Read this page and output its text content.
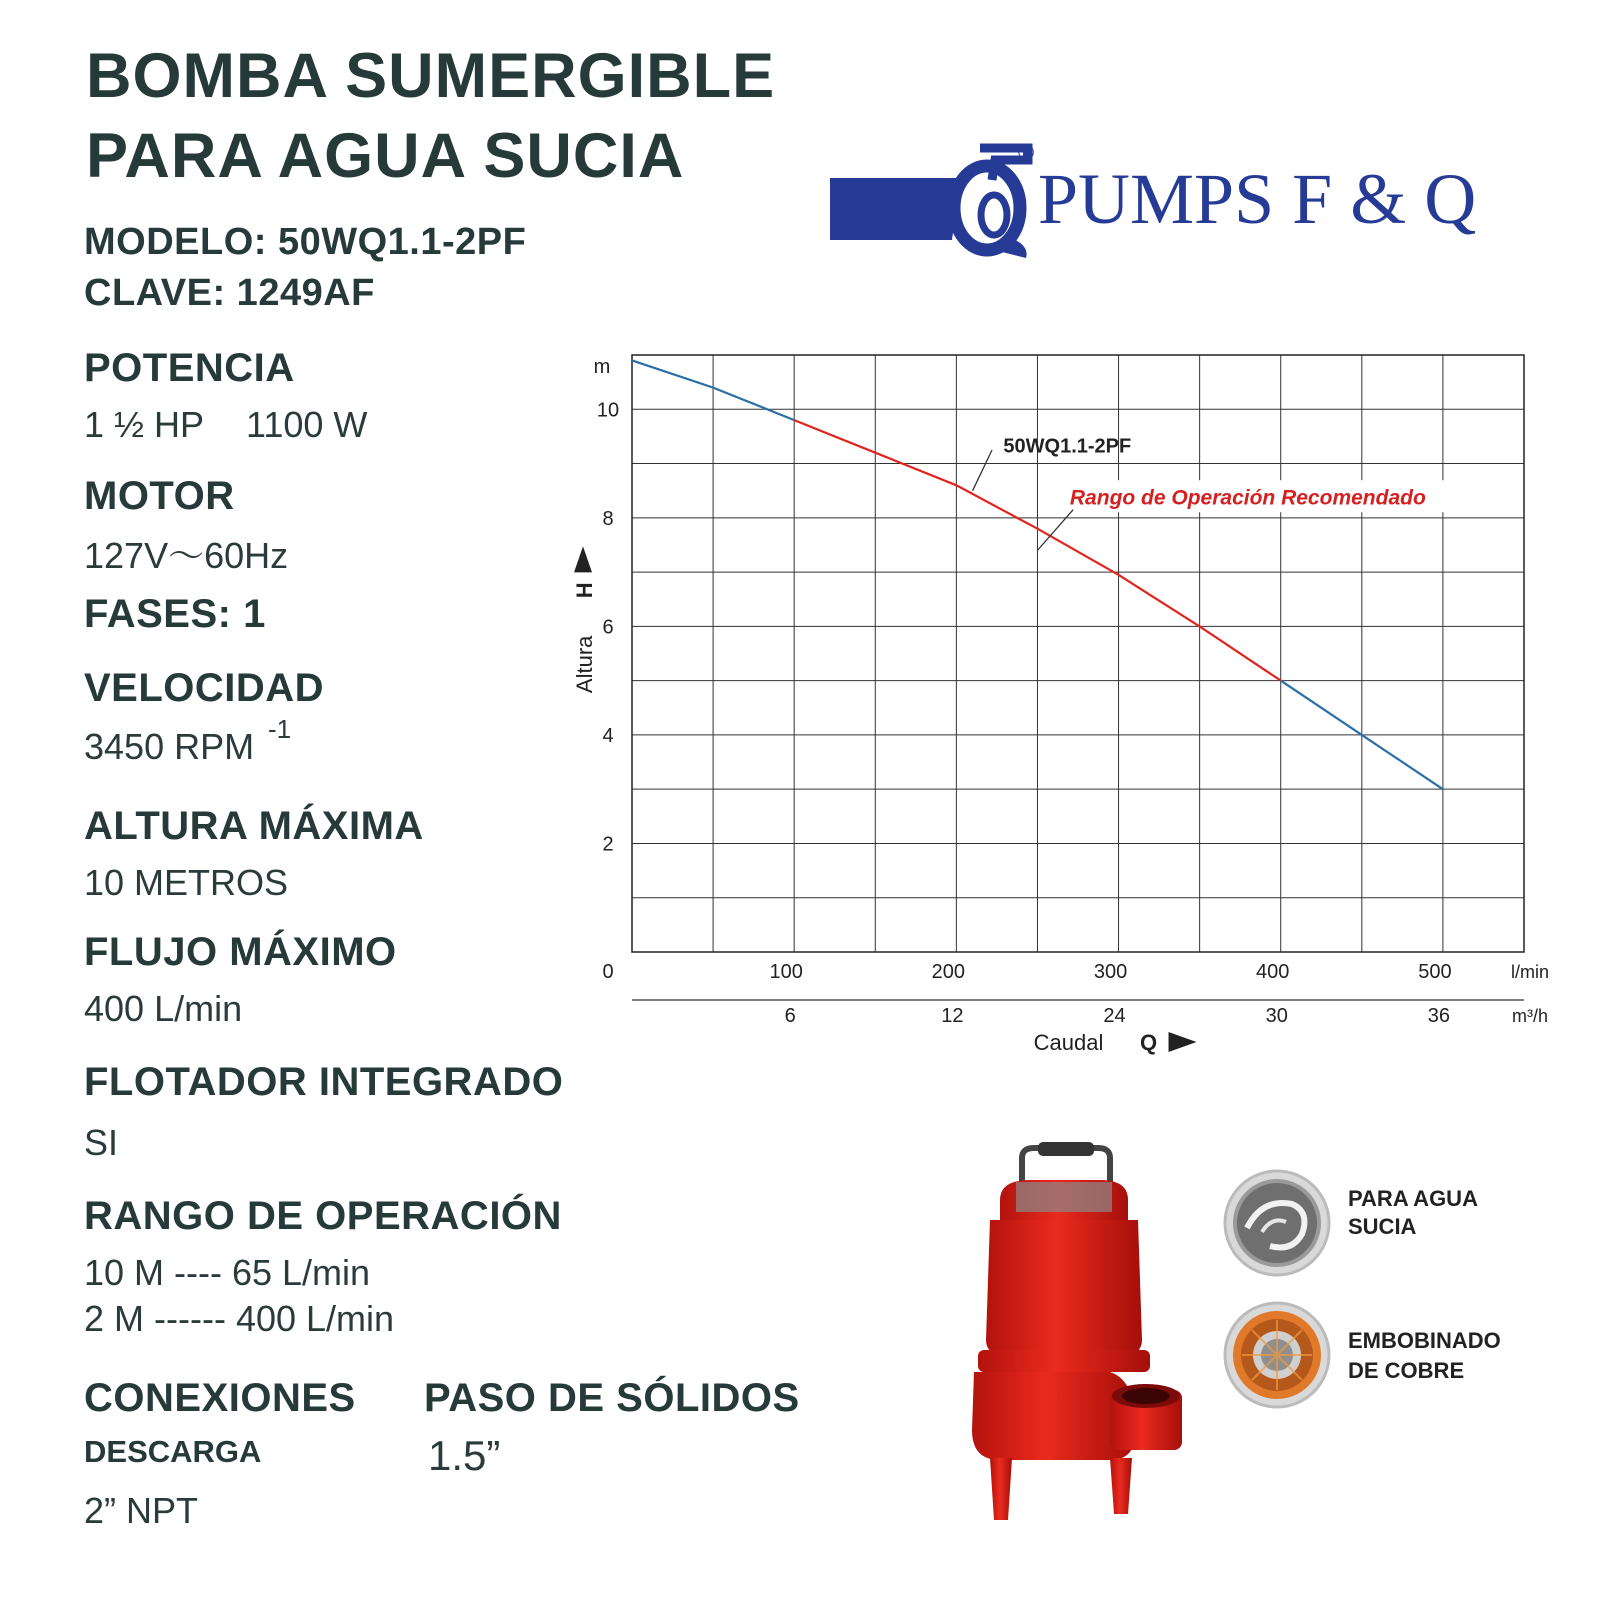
BOMBA SUMERGIBLE
PARA AGUA SUCIA
MODELO: 50WQ1.1-2PF
CLAVE: 1249AF
®
PUMPS F & Q
POTENCIA
1 ½ HP 1100 W
MOTOR
127V～60Hz
FASES: 1
VELOCIDAD
3450 RPM -1
ALTURA MÁXIMA
10 METROS
FLUJO MÁXIMO
400 L/min
FLOTADOR INTEGRADO
SI
RANGO DE OPERACIÓN
10 M ---- 65 L/min
2 M ------ 400 L/min
CONEXIONES
DESCARGA
2” NPT
PASO DE SÓLIDOS
1.5”
m
0
2
4
6
8
10
100	200	300	400	500	l/min
6	12	24	30	36	m³/h
Caudal Q
Altura
H
50WQ1.1-2PF
Rango de Operación Recomendado
PARA AGUA
SUCIA
EMBOBINADO
DE COBRE
